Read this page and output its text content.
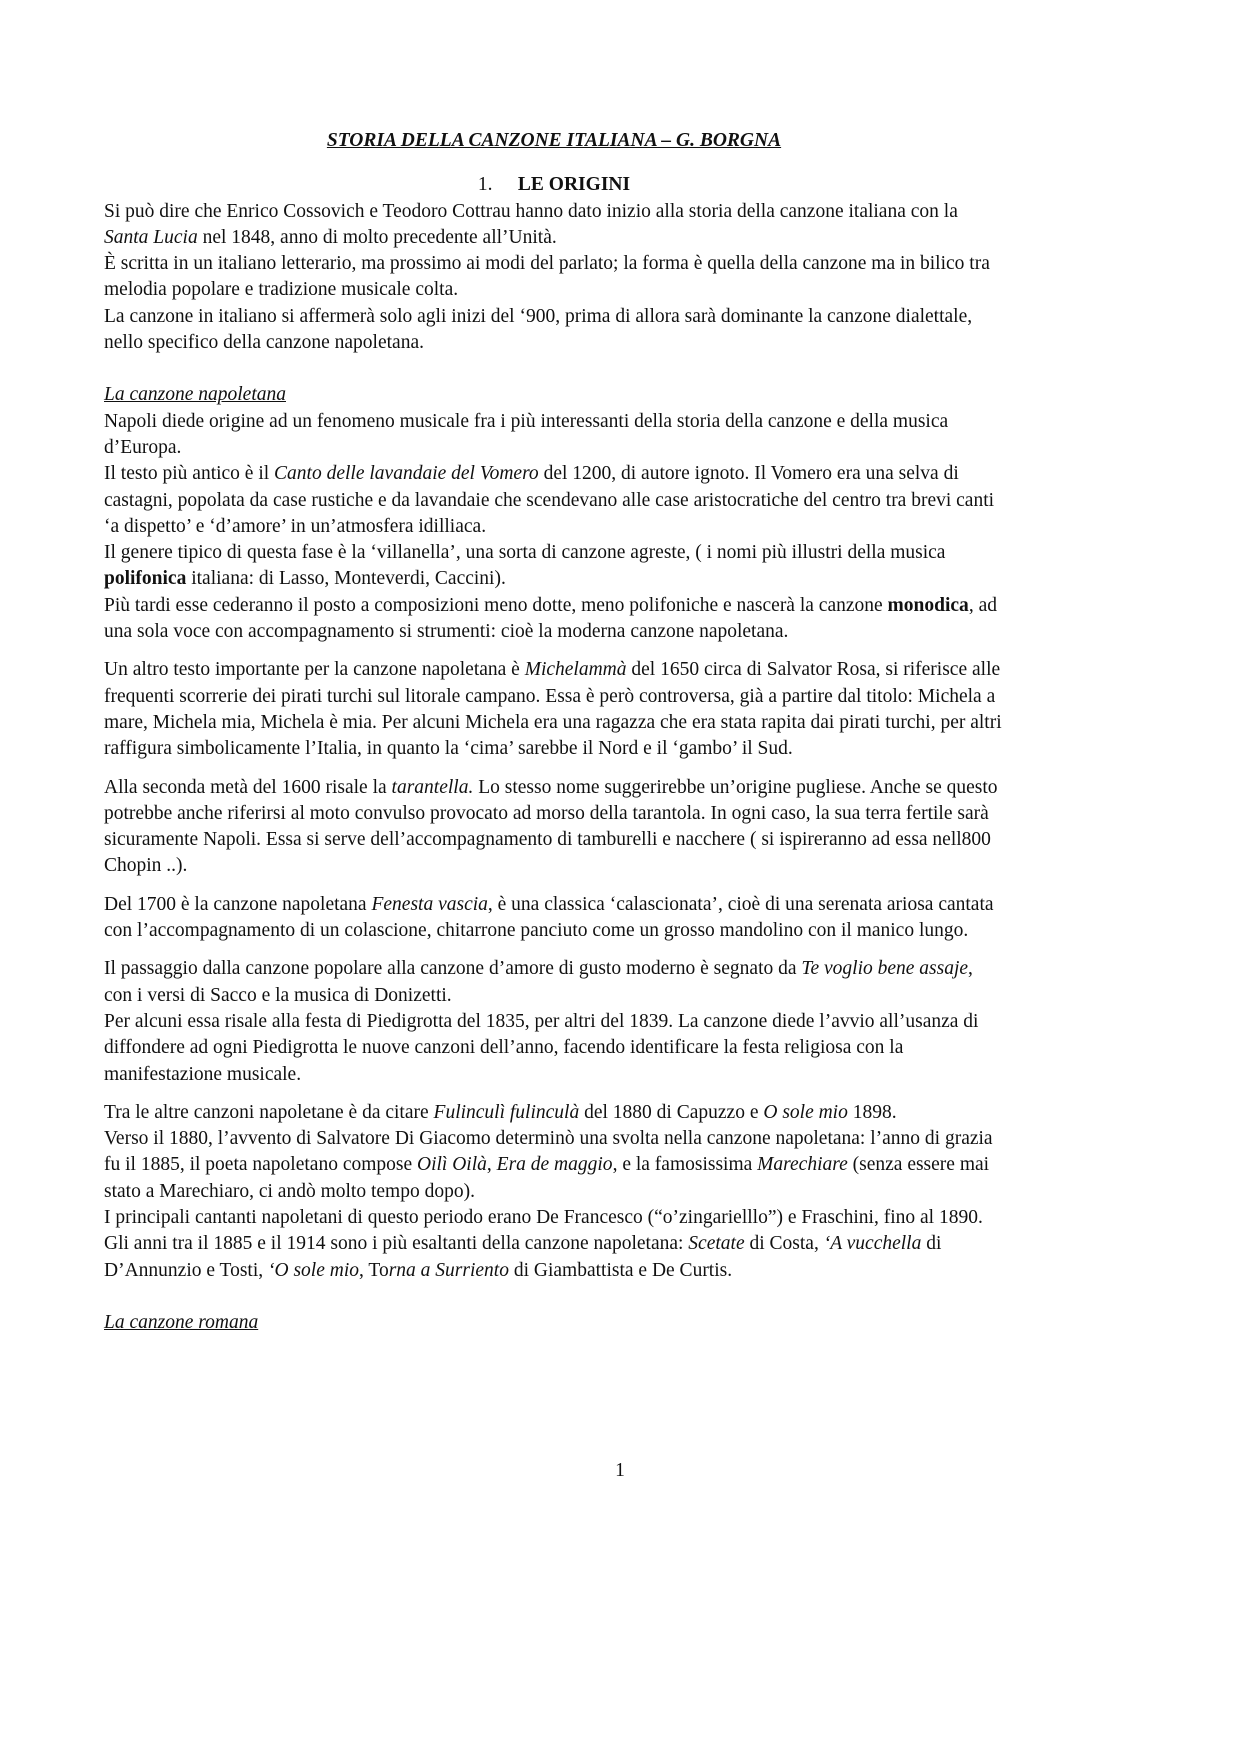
STORIA DELLA CANZONE ITALIANA – G. BORGNA
1. LE ORIGINI

Si può dire che Enrico Cossovich e Teodoro Cottrau hanno dato inizio alla storia della canzone italiana con la Santa Lucia nel 1848, anno di molto precedente all’Unità.

È scritta in un italiano letterario, ma prossimo ai modi del parlato; la forma è quella della canzone ma in bilico tra melodia popolare e tradizione musicale colta.

La canzone in italiano si affermerà solo agli inizi del ‘900, prima di allora sarà dominante la canzone dialettale, nello specifico della canzone napoletana.

La canzone napoletana

Napoli diede origine ad un fenomeno musicale fra i più interessanti della storia della canzone e della musica d’Europa.

Il testo più antico è il Canto delle lavandaie del Vomero del 1200, di autore ignoto. Il Vomero era una selva di castagni, popolata da case rustiche e da lavandaie che scendevano alle case aristocratiche del centro tra brevi canti ‘a dispetto’ e ‘d’amore’ in un’atmosfera idilliaca.

Il genere tipico di questa fase è la ‘villanella’, una sorta di canzone agreste, ( i nomi più illustri della musica polifonica italiana: di Lasso, Monteverdi, Caccini).

Più tardi esse cederanno il posto a composizioni meno dotte, meno polifoniche e nascerà la canzone monodica, ad una sola voce con accompagnamento si strumenti: cioè la moderna canzone napoletana.

Un altro testo importante per la canzone napoletana è Michelammà del 1650 circa di Salvator Rosa, si riferisce alle frequenti scorrerie dei pirati turchi sul litorale campano. Essa è però controversa, già a partire dal titolo: Michela a mare, Michela mia, Michela è mia. Per alcuni Michela era una ragazza che era stata rapita dai pirati turchi, per altri raffigura simbolicamente l’Italia, in quanto la ‘cima’ sarebbe il Nord e il ‘gambo’ il Sud.

Alla seconda metà del 1600 risale la tarantella. Lo stesso nome suggerirebbe un’origine pugliese. Anche se questo potrebbe anche riferirsi al moto convulso provocato ad morso della tarantola. In ogni caso, la sua terra fertile sarà sicuramente Napoli. Essa si serve dell’accompagnamento di tamburelli e nacchere ( si ispireranno ad essa nell800 Chopin ..).

Del 1700 è la canzone napoletana Fenesta vascia, è una classica ‘calascionata’, cioè di una serenata ariosa cantata con l’accompagnamento di un colascione, chitarrone panciuto come un grosso mandolino con il manico lungo.

Il passaggio dalla canzone popolare alla canzone d’amore di gusto moderno è segnato da Te voglio bene assaje, con i versi di Sacco e la musica di Donizetti.

Per alcuni essa risale alla festa di Piedigrotta del 1835, per altri del 1839. La canzone diede l’avvio all’usanza di diffondere ad ogni Piedigrotta le nuove canzoni dell’anno, facendo identificare la festa religiosa con la manifestazione musicale.

Tra le altre canzoni napoletane è da citare Fulinculì fulinculà del 1880 di Capuzzo e O sole mio 1898.

Verso il 1880, l’avvento di Salvatore Di Giacomo determinò una svolta nella canzone napoletana: l’anno di grazia fu il 1885, il poeta napoletano compose Oilì Oilà, Era de maggio, e la famosissima Marechiare (senza essere mai stato a Marechiaro, ci andò molto tempo dopo).

I principali cantanti napoletani di questo periodo erano De Francesco (“o’zingarielllo”) e Fraschini, fino al 1890.

Gli anni tra il 1885 e il 1914 sono i più esaltanti della canzone napoletana: Scetate di Costa, ‘A vucchella di D’Annunzio e Tosti, ‘O sole mio, Torna a Surriento di Giambattista e De Curtis.

La canzone romana
1
